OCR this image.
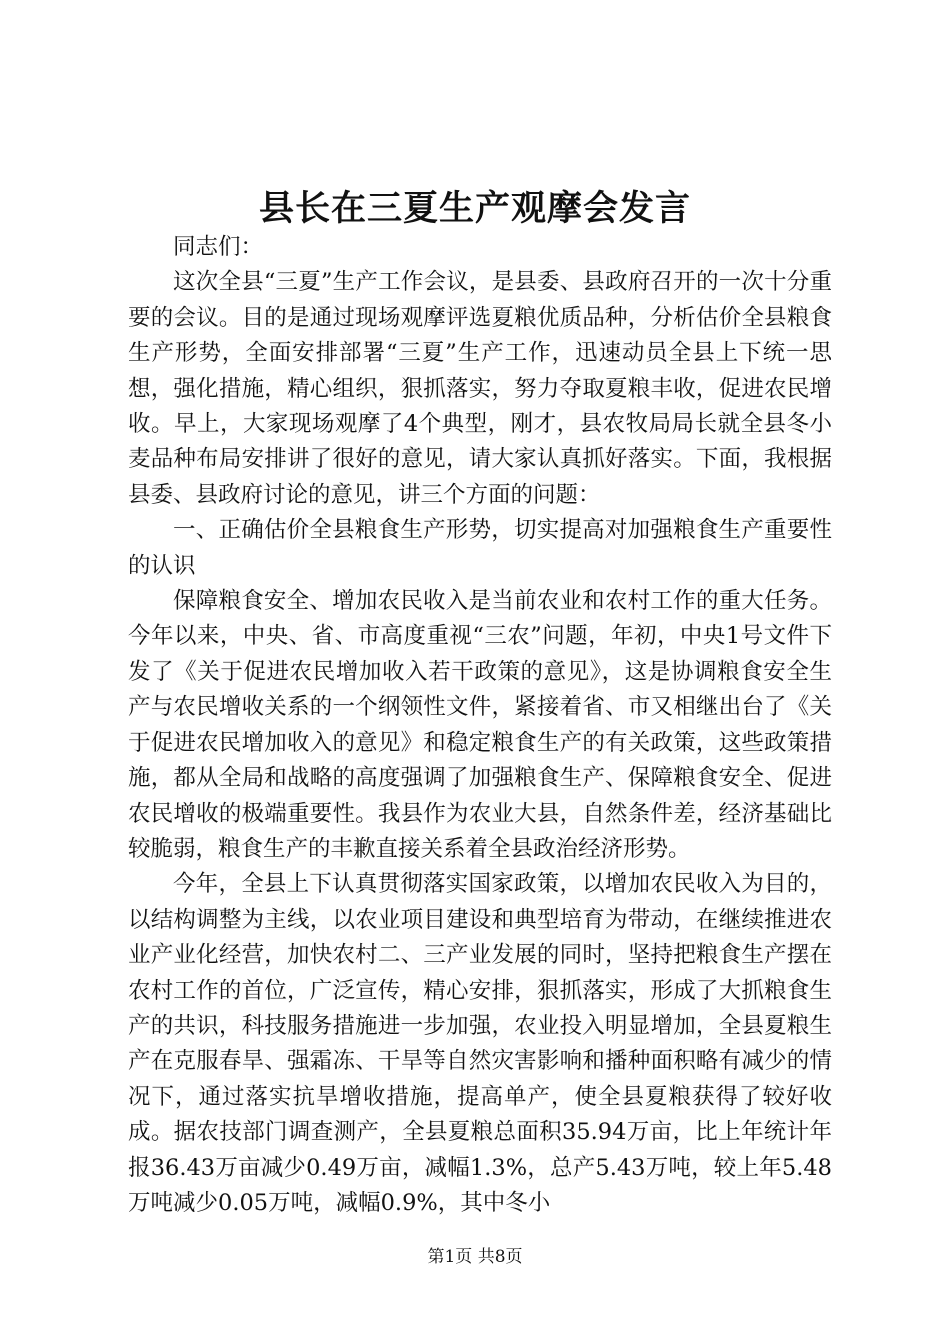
县长在三夏生产观摩会发言

同志们：

这次全县“三夏”生产工作会议，是县委、县政府召开的一次十分重要的会议。目的是通过现场观摩评选夏粮优质品种，分析估价全县粮食生产形势，全面安排部署“三夏”生产工作，迅速动员全县上下统一思想，强化措施，精心组织，狠抓落实，努力夺取夏粮丰收，促进农民增收。早上，大家现场观摩了4个典型，刚才，县农牧局局长就全县冬小麦品种布局安排讲了很好的意见，请大家认真抓好落实。下面，我根据县委、县政府讨论的意见，讲三个方面的问题：

一、正确估价全县粮食生产形势，切实提高对加强粮食生产重要性的认识

保障粮食安全、增加农民收入是当前农业和农村工作的重大任务。今年以来，中央、省、市高度重视“三农”问题，年初，中央1号文件下发了《关于促进农民增加收入若干政策的意见》，这是协调粮食安全生产与农民增收关系的一个纲领性文件，紧接着省、市又相继出台了《关于促进农民增加收入的意见》和稳定粮食生产的有关政策，这些政策措施，都从全局和战略的高度强调了加强粮食生产、保障粮食安全、促进农民增收的极端重要性。我县作为农业大县，自然条件差，经济基础比较脆弱，粮食生产的丰歉直接关系着全县政治经济形势。

今年，全县上下认真贯彻落实国家政策，以增加农民收入为目的，以结构调整为主线，以农业项目建设和典型培育为带动，在继续推进农业产业化经营，加快农村二、三产业发展的同时，坚持把粮食生产摆在农村工作的首位，广泛宣传，精心安排，狠抓落实，形成了大抓粮食生产的共识，科技服务措施进一步加强，农业投入明显增加，全县夏粮生产在克服春旱、强霜冻、干旱等自然灾害影响和播种面积略有减少的情况下，通过落实抗旱增收措施，提高单产，使全县夏粮获得了较好收成。据农技部门调查测产，全县夏粮总面积35.94万亩，比上年统计年报36.43万亩减少0.49万亩，减幅1.3%，总产5.43万吨，较上年5.48万吨减少0.05万吨，减幅0.9%，其中冬小

第1页 共8页
